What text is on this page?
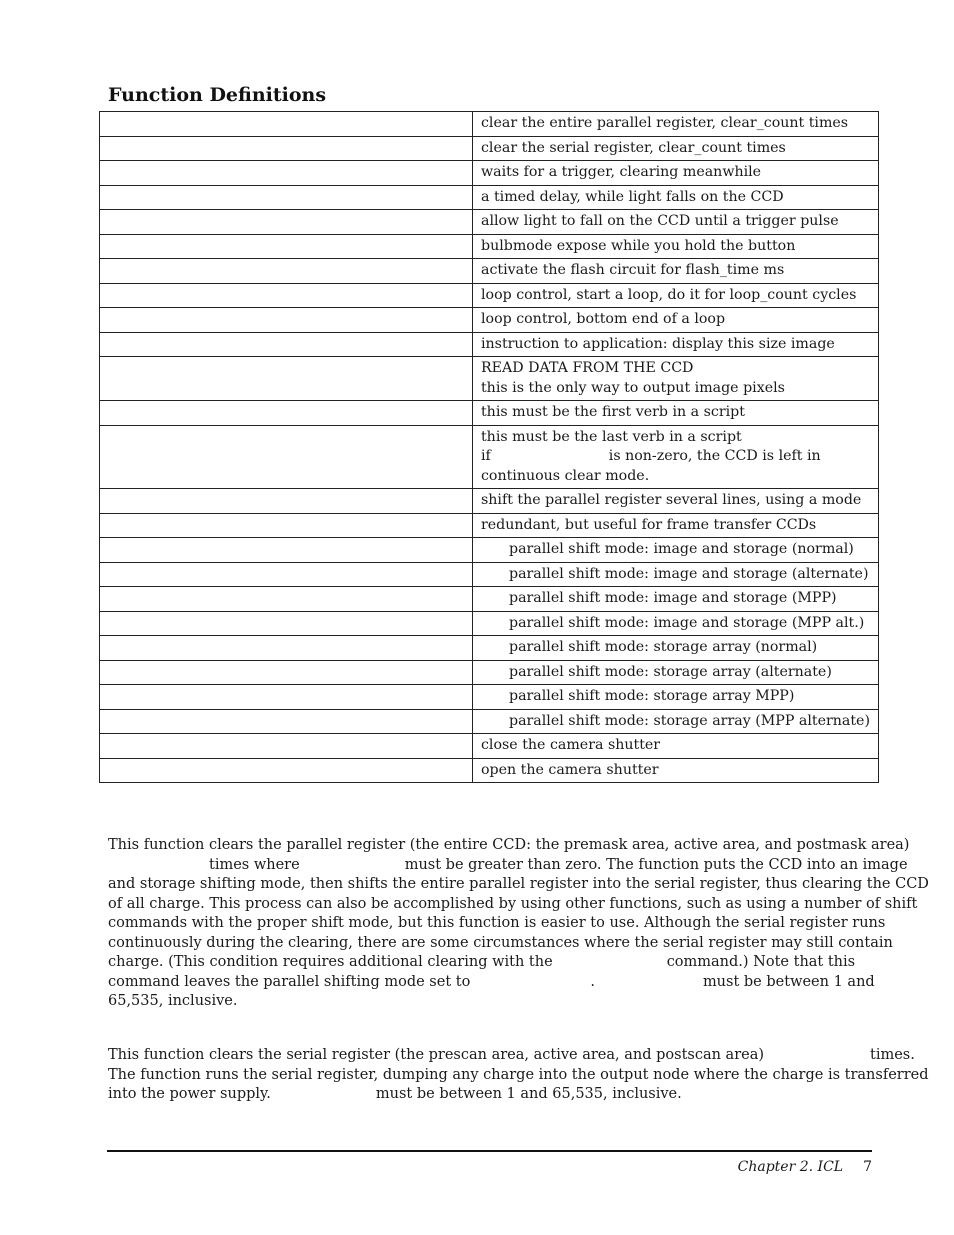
Function Definitions

	clear the entire parallel register, clear_count times

	clear the serial register, clear_count times

	waits for a trigger, clearing meanwhile

	a timed delay, while light falls on the CCD

	allow light to fall on the CCD until a trigger pulse

	bulbmode expose while you hold the button

	activate the flash circuit for flash_time ms

	loop control, start a loop, do it for loop_count cycles

	loop control, bottom end of a loop

	instruction to application: display this size image

	READ DATA FROM THE CCD
this is the only way to output image pixels

	this must be the first verb in a script

	this must be the last verb in a script
if is non-zero, the CCD is left in
continuous clear mode.

	shift the parallel register several lines, using a mode

	redundant, but useful for frame transfer CCDs

	parallel shift mode: image and storage (normal)

	parallel shift mode: image and storage (alternate)

	parallel shift mode: image and storage (MPP)

	parallel shift mode: image and storage (MPP alt.)

	parallel shift mode: storage array (normal)

	parallel shift mode: storage array (alternate)

	parallel shift mode: storage array MPP)

	parallel shift mode: storage array (MPP alternate)

	close the camera shutter

	open the camera shutter
This function clears the parallel register (the entire CCD: the premask area, active area, and postmask area)
times where	must be greater than zero. The function puts the CCD into an image
and storage shifting mode, then shifts the entire parallel register into the serial register, thus clearing the CCD
of all charge. This process can also be accomplished by using other functions, such as using a number of shift
commands with the proper shift mode, but this function is easier to use. Although the serial register runs
continuously during the clearing, there are some circumstances where the serial register may still contain
charge. (This condition requires additional clearing with the	command.) Note that this
command leaves the parallel shifting mode set to	.	must be between 1 and
65,535, inclusive.
This function clears the serial register (the prescan area, active area, and postscan area)	times.
The function runs the serial register, dumping any charge into the output node where the charge is transferred
into the power supply.	must be between 1 and 65,535, inclusive.
Chapter 2. ICL 7
